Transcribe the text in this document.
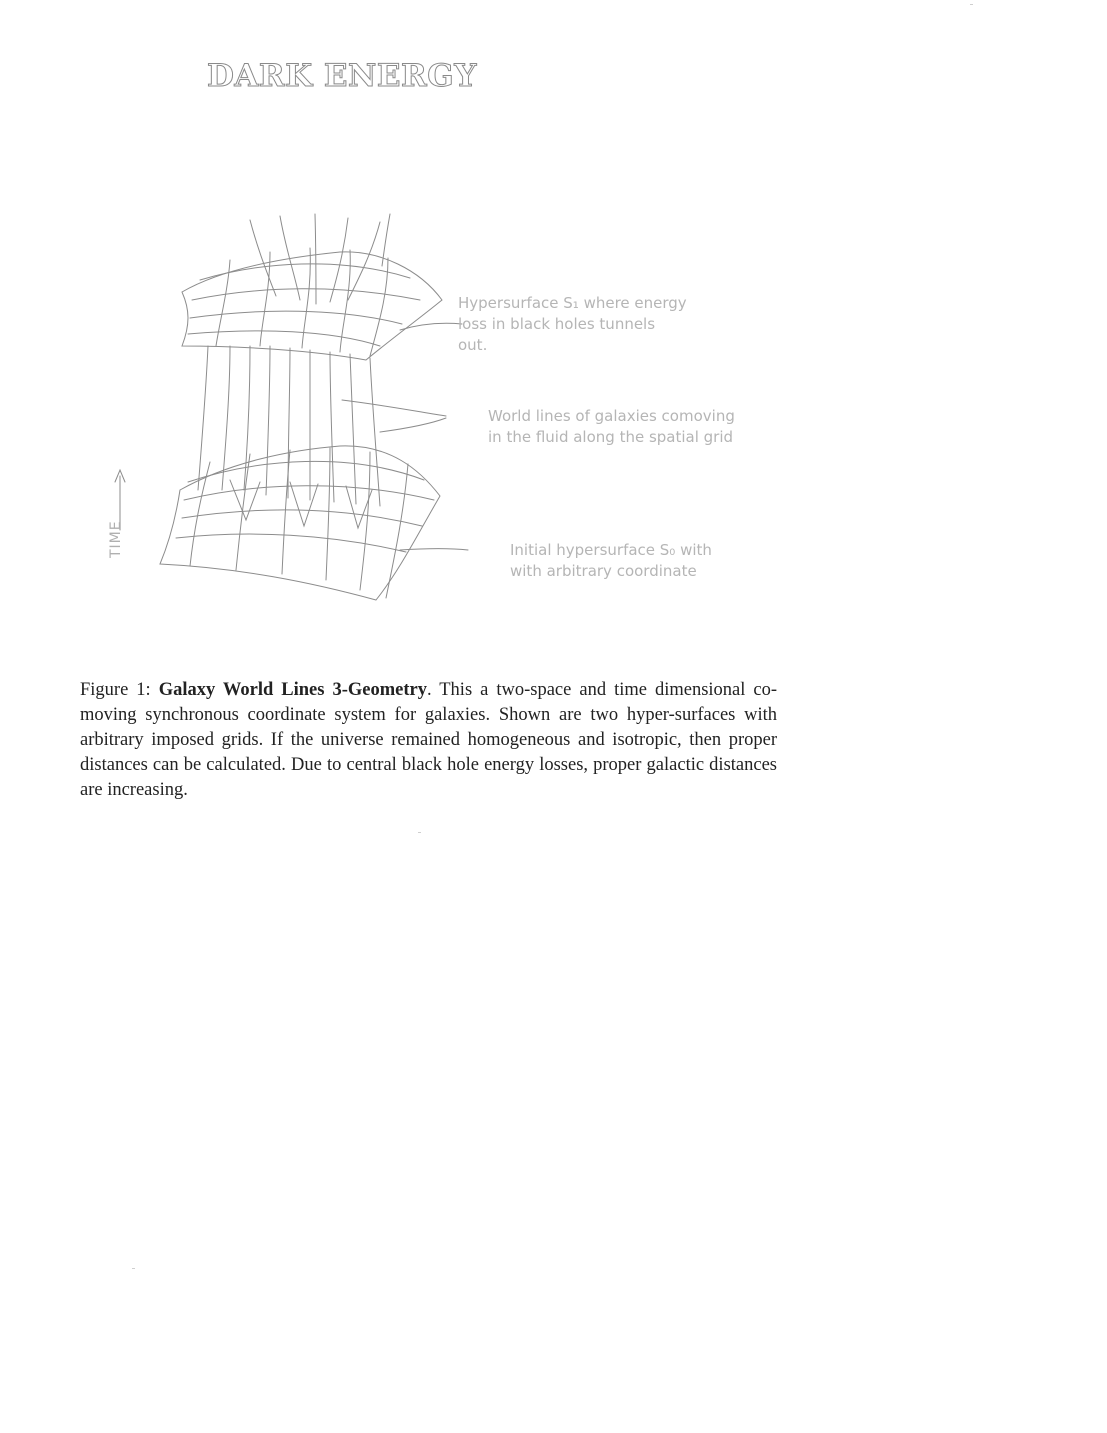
DARK ENERGY

Hypersurface S₁ where energy
loss in black holes tunnels
out.

World lines of galaxies comoving
in the fluid along the spatial grid

Initial hypersurface S₀ with
with arbitrary coordinate

TIME

Figure 1: Galaxy World Lines 3-Geometry. This a two-space and time dimensional co-moving synchronous coordinate system for galaxies. Shown are two hyper-surfaces with arbitrary imposed grids. If the universe remained homogeneous and isotropic, then proper distances can be calculated. Due to central black hole energy losses, proper galactic distances are increasing.
